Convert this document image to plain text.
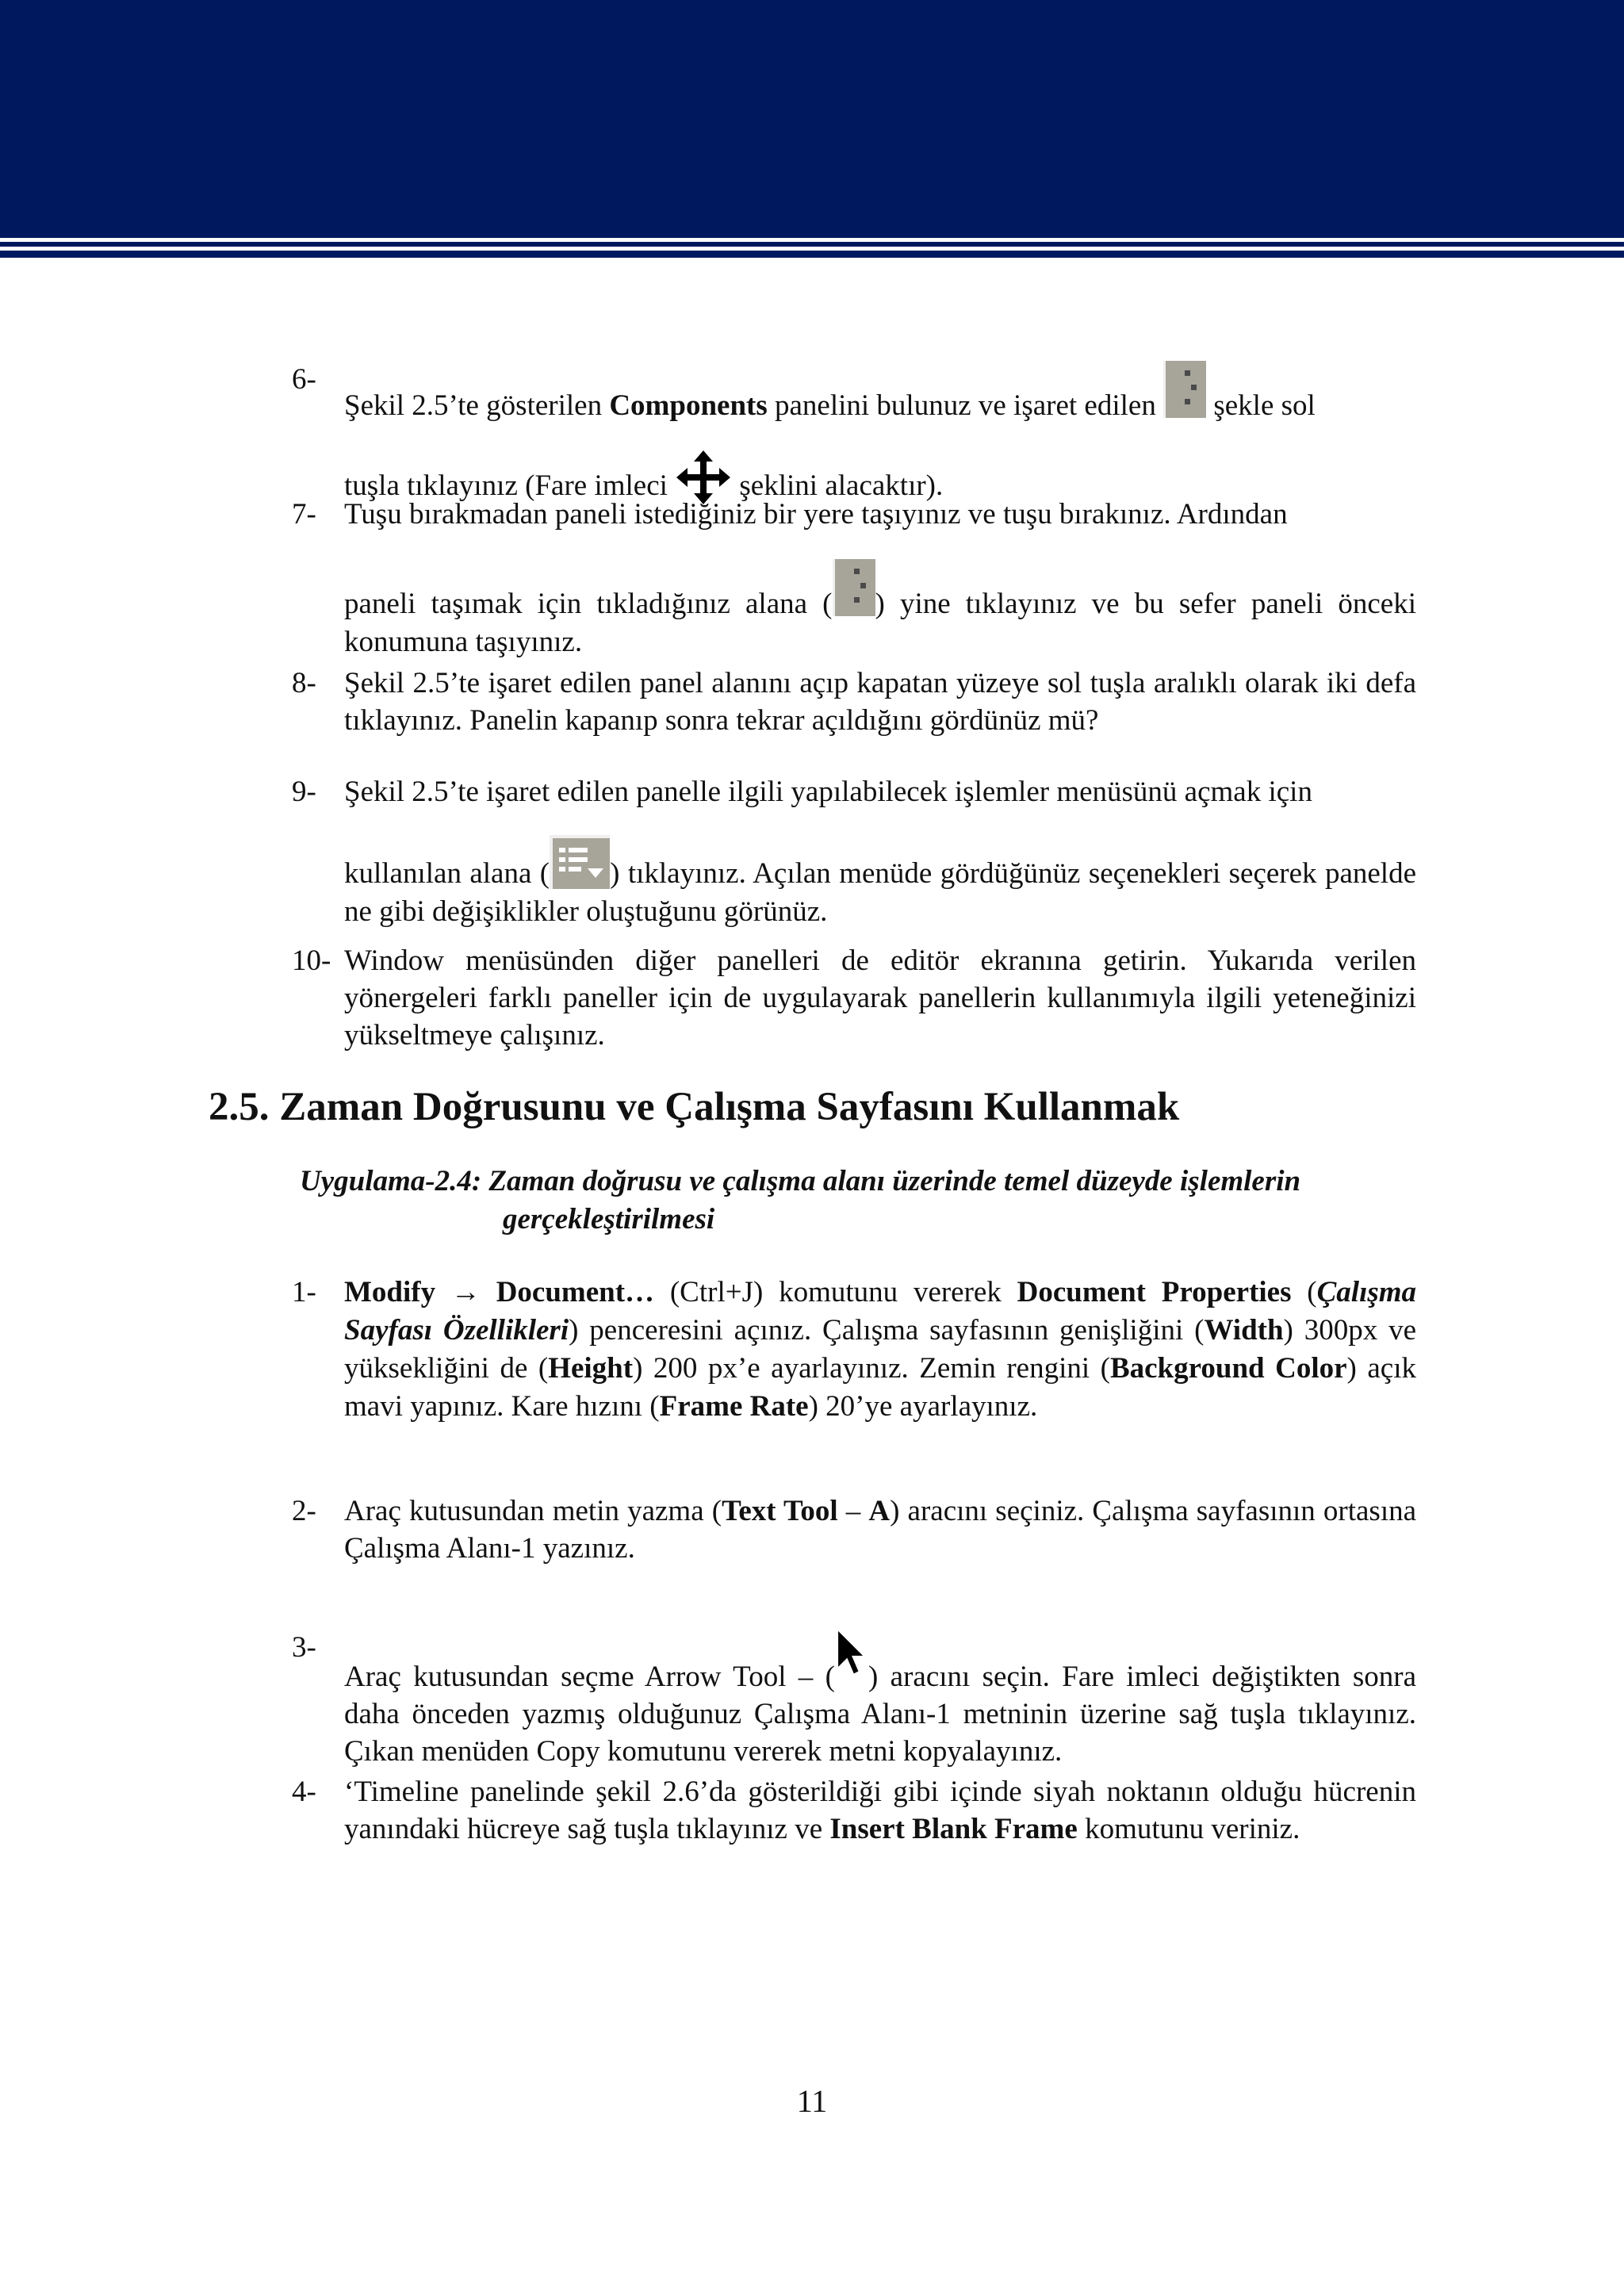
6-
Şekil 2.5’te gösterilen Components panelini bulunuz ve işaret edilen
şekle sol
tuşla tıklayınız (Fare imleci  şeklini alacaktır).
7- Tuşu bırakmadan paneli istediğiniz bir yere taşıyınız ve tuşu bırakınız. Ardından
paneli taşımak için tıkladığınız alana ( ) yine tıklayınız ve bu sefer paneli önceki konumuna taşıyınız.
8- Şekil 2.5’te işaret edilen panel alanını açıp kapatan yüzeye sol tuşla aralıklı olarak iki defa tıklayınız. Panelin kapanıp sonra tekrar açıldığını gördünüz mü?
9- Şekil 2.5’te işaret edilen panelle ilgili yapılabilecek işlemler menüsünü açmak için
kullanılan alana ( ) tıklayınız. Açılan menüde gördüğünüz seçenekleri seçerek panelde ne gibi değişiklikler oluştuğunu görünüz.
10- Window menüsünden diğer panelleri de editör ekranına getirin. Yukarıda verilen yönergeleri farklı paneller için de uygulayarak panellerin kullanımıyla ilgili yeteneğinizi yükseltmeye çalışınız.
2.5. Zaman Doğrusunu ve Çalışma Sayfasını Kullanmak
Uygulama-2.4: Zaman doğrusu ve çalışma alanı üzerinde temel düzeyde işlemlerin
gerçekleştirilmesi
1- Modify → Document… (Ctrl+J) komutunu vererek Document Properties (Çalışma Sayfası Özellikleri) penceresini açınız. Çalışma sayfasının genişliğini (Width) 300px ve yüksekliğini de (Height) 200 px’e ayarlayınız. Zemin rengini (Background Color) açık mavi yapınız. Kare hızını (Frame Rate) 20’ye ayarlayınız.
2- Araç kutusundan metin yazma (Text Tool – A) aracını seçiniz. Çalışma sayfasının ortasına Çalışma Alanı-1 yazınız.
3-
Araç kutusundan seçme Arrow Tool – ( ) aracını seçin. Fare imleci değiştikten sonra daha önceden yazmış olduğunuz Çalışma Alanı-1 metninin üzerine sağ tuşla tıklayınız. Çıkan menüden Copy komutunu vererek metni kopyalayınız.
4- ‘Timeline panelinde şekil 2.6’da gösterildiği gibi içinde siyah noktanın olduğu hücrenin yanındaki hücreye sağ tuşla tıklayınız ve Insert Blank Frame komutunu veriniz.
11
